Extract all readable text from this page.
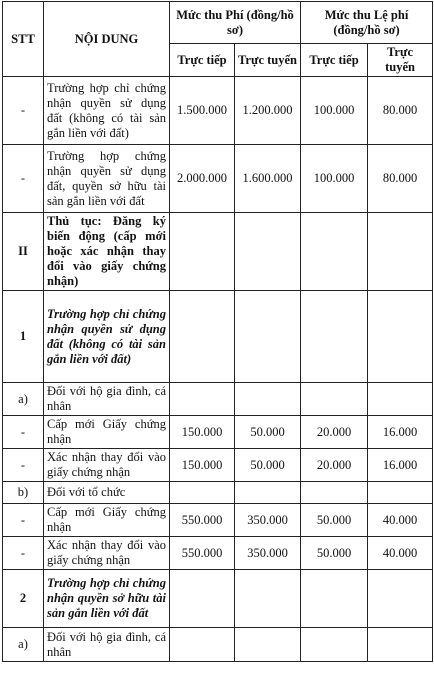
STT	NỘI DUNG	Mức thu Phí (đồng/hồ sơ)		Mức thu Lệ phí (đồng/hồ sơ)	
		Trực tiếp	Trực tuyến	Trực tiếp	Trực tuyến
-	Trường hợp chỉ chứng nhận quyền sử dụng đất (không có tài sản gắn liền với đất)	1.500.000	1.200.000	100.000	80.000
-	Trường hợp chứng nhận quyền sử dụng đất, quyền sở hữu tài sản gắn liền với đất	2.000.000	1.600.000	100.000	80.000
II	Thủ tục: Đăng ký biến động (cấp mới hoặc xác nhận thay đổi vào giấy chứng nhận)				
1	Trường hợp chỉ chứng nhận quyền sử dụng đất (không có tài sản gắn liền với đất)				
a)	Đối với hộ gia đình, cá nhân				
-	Cấp mới Giấy chứng nhận	150.000	50.000	20.000	16.000
-	Xác nhận thay đổi vào giấy chứng nhận	150.000	50.000	20.000	16.000
b)	Đối với tổ chức				
-	Cấp mới Giấy chứng nhận	550.000	350.000	50.000	40.000
-	Xác nhận thay đổi vào giấy chứng nhận	550.000	350.000	50.000	40.000
2	Trường hợp chỉ chứng nhận quyền sở hữu tài sản gắn liền với đất				
a)	Đối với hộ gia đình, cá nhân				
